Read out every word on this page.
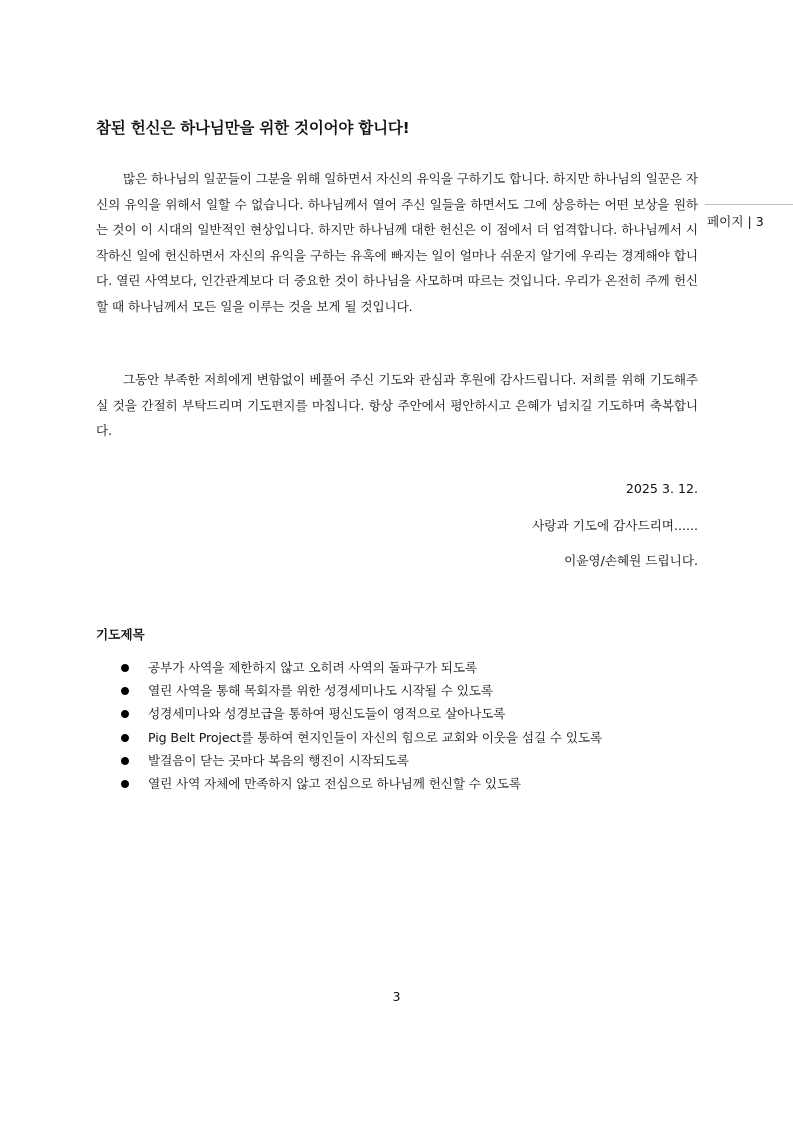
참된 헌신은 하나님만을 위한 것이어야 합니다!

많은 하나님의 일꾼들이 그분을 위해 일하면서 자신의 유익을 구하기도 합니다. 하지만 하나님의 일꾼은 자신의 유익을 위해서 일할 수 없습니다. 하나님께서 열어 주신 일들을 하면서도 그에 상응하는 어떤 보상을 원하는 것이 이 시대의 일반적인 현상입니다. 하지만 하나님께 대한 헌신은 이 점에서 더 엄격합니다. 하나님께서 시작하신 일에 헌신하면서 자신의 유익을 구하는 유혹에 빠지는 일이 얼마나 쉬운지 알기에 우리는 경계해야 합니다. 열린 사역보다, 인간관계보다 더 중요한 것이 하나님을 사모하며 따르는 것입니다. 우리가 온전히 주께 헌신할 때 하나님께서 모든 일을 이루는 것을 보게 될 것입니다.

그동안 부족한 저희에게 변함없이 베풀어 주신 기도와 관심과 후원에 감사드립니다. 저희를 위해 기도해주실 것을 간절히 부탁드리며 기도편지를 마칩니다. 항상 주안에서 평안하시고 은혜가 넘치길 기도하며 축복합니다.

2025 3. 12.
사랑과 기도에 감사드리며......
이윤영/손혜원 드립니다.
기도제목
공부가 사역을 제한하지 않고 오히려 사역의 돌파구가 되도록
열린 사역을 통해 목회자를 위한 성경세미나도 시작될 수 있도록
성경세미나와 성경보급을 통하여 평신도들이 영적으로 살아나도록
Pig Belt Project를 통하여 현지인들이 자신의 힘으로 교회와 이웃을 섬길 수 있도록
발걸음이 닫는 곳마다 복음의 행진이 시작되도록
열린 사역 자체에 만족하지 않고 전심으로 하나님께 헌신할 수 있도록
페이지 | 3
3
